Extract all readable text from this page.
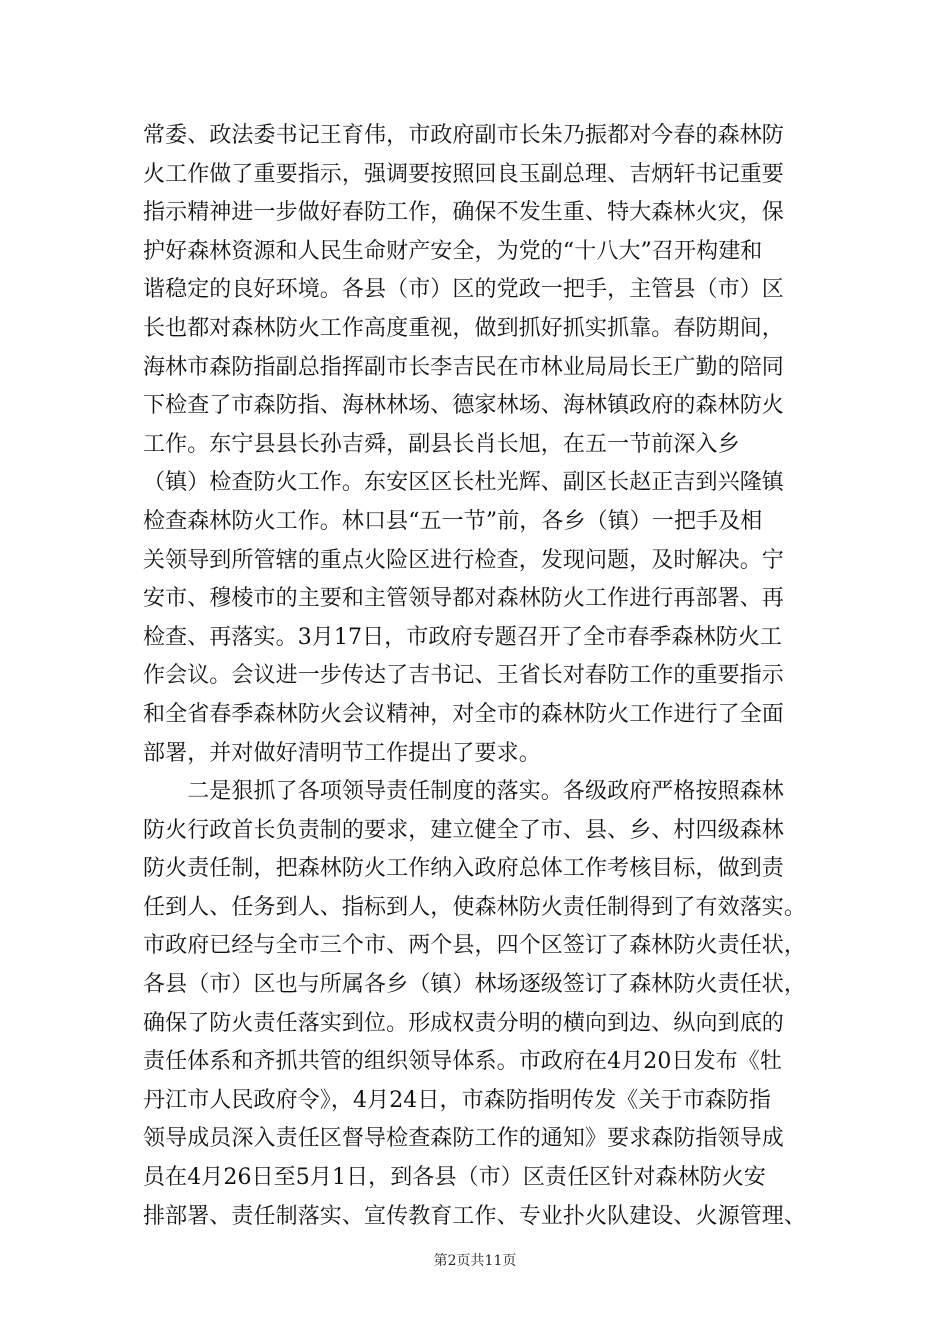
常委、政法委书记王育伟，市政府副市长朱乃振都对今春的森林防
火工作做了重要指示，强调要按照回良玉副总理、吉炳轩书记重要
指示精神进一步做好春防工作，确保不发生重、特大森林火灾，保
护好森林资源和人民生命财产安全，为党的“十八大”召开构建和
谐稳定的良好环境。各县（市）区的党政一把手，主管县（市）区
长也都对森林防火工作高度重视，做到抓好抓实抓靠。春防期间，
海林市森防指副总指挥副市长李吉民在市林业局局长王广勤的陪同
下检查了市森防指、海林林场、德家林场、海林镇政府的森林防火
工作。东宁县县长孙吉舜，副县长肖长旭，在五一节前深入乡
（镇）检查防火工作。东安区区长杜光辉、副区长赵正吉到兴隆镇
检查森林防火工作。林口县“五一节”前，各乡（镇）一把手及相
关领导到所管辖的重点火险区进行检查，发现问题，及时解决。宁
安市、穆棱市的主要和主管领导都对森林防火工作进行再部署、再
检查、再落实。3月17日，市政府专题召开了全市春季森林防火工
作会议。会议进一步传达了吉书记、王省长对春防工作的重要指示
和全省春季森林防火会议精神，对全市的森林防火工作进行了全面
部署，并对做好清明节工作提出了要求。
　　二是狠抓了各项领导责任制度的落实。各级政府严格按照森林
防火行政首长负责制的要求，建立健全了市、县、乡、村四级森林
防火责任制，把森林防火工作纳入政府总体工作考核目标，做到责
任到人、任务到人、指标到人，使森林防火责任制得到了有效落实。
市政府已经与全市三个市、两个县，四个区签订了森林防火责任状，
各县（市）区也与所属各乡（镇）林场逐级签订了森林防火责任状，
确保了防火责任落实到位。形成权责分明的横向到边、纵向到底的
责任体系和齐抓共管的组织领导体系。市政府在4月20日发布《牡
丹江市人民政府令》，4月24日，市森防指明传发《关于市森防指
领导成员深入责任区督导检查森防工作的通知》要求森防指领导成
员在4月26日至5月1日，到各县（市）区责任区针对森林防火安
排部署、责任制落实、宣传教育工作、专业扑火队建设、火源管理、
第2页共11页
